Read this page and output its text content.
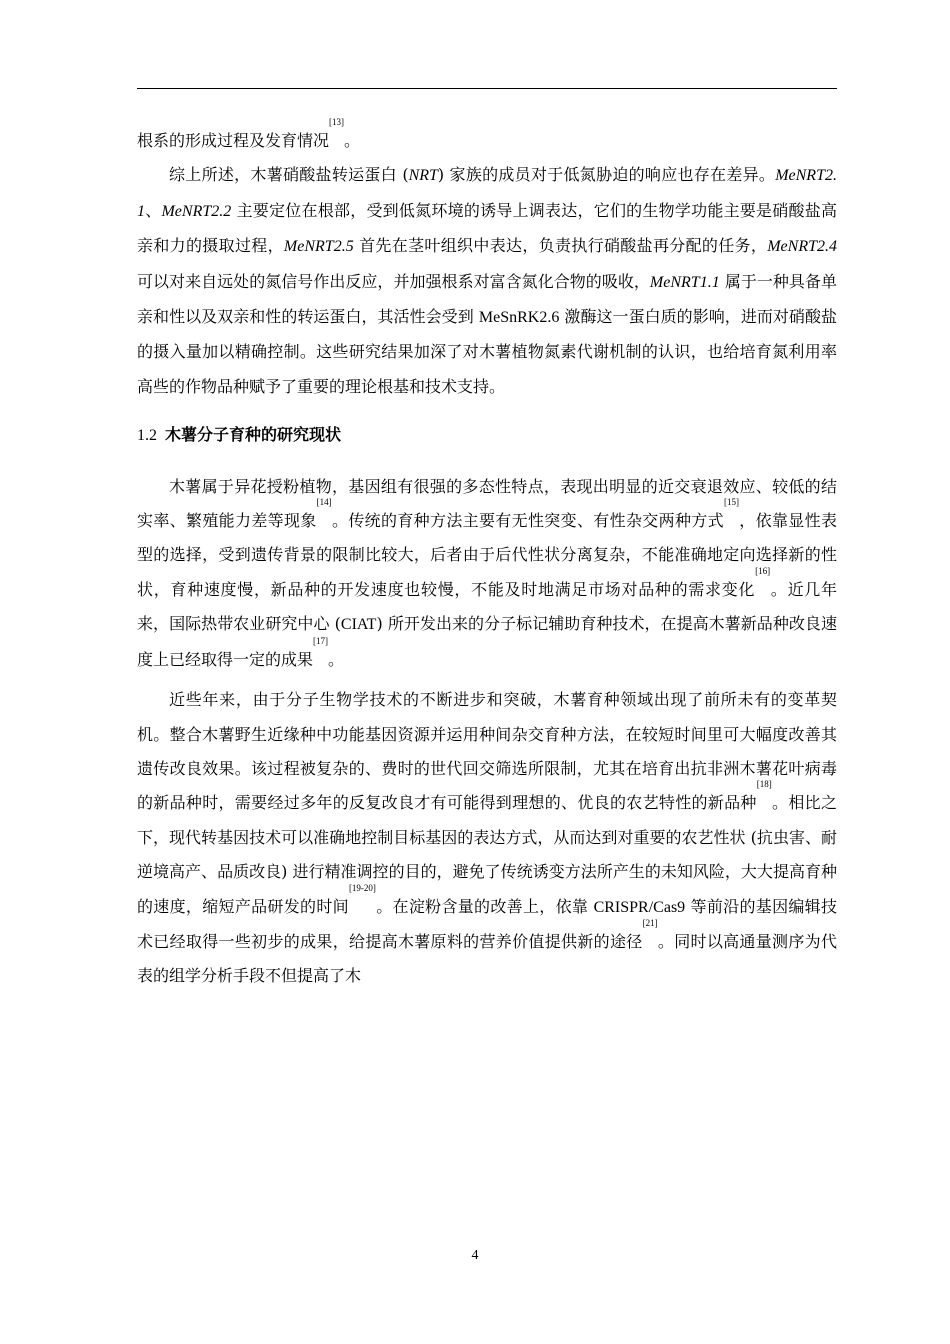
根系的形成过程及发育情况[13]。

综上所述，木薯硝酸盐转运蛋白 (NRT) 家族的成员对于低氮胁迫的响应也存在差异。MeNRT2.1、MeNRT2.2 主要定位在根部，受到低氮环境的诱导上调表达，它们的生物学功能主要是硝酸盐高亲和力的摄取过程，MeNRT2.5 首先在茎叶组织中表达，负责执行硝酸盐再分配的任务，MeNRT2.4 可以对来自远处的氮信号作出反应，并加强根系对富含氮化合物的吸收，MeNRT1.1 属于一种具备单亲和性以及双亲和性的转运蛋白，其活性会受到 MeSnRK2.6 激酶这一蛋白质的影响，进而对硝酸盐的摄入量加以精确控制。这些研究结果加深了对木薯植物氮素代谢机制的认识，也给培育氮利用率高些的作物品种赋予了重要的理论根基和技术支持。

1.2 木薯分子育种的研究现状

木薯属于异花授粉植物，基因组有很强的多态性特点，表现出明显的近交衰退效应、较低的结实率、繁殖能力差等现象[14]。传统的育种方法主要有无性突变、有性杂交两种方式[15]，依靠显性表型的选择，受到遗传背景的限制比较大，后者由于后代性状分离复杂，不能准确地定向选择新的性状，育种速度慢，新品种的开发速度也较慢，不能及时地满足市场对品种的需求变化[16]。近几年来，国际热带农业研究中心 (CIAT) 所开发出来的分子标记辅助育种技术，在提高木薯新品种改良速度上已经取得一定的成果[17]。

近些年来，由于分子生物学技术的不断进步和突破，木薯育种领域出现了前所未有的变革契机。整合木薯野生近缘种中功能基因资源并运用种间杂交育种方法，在较短时间里可大幅度改善其遗传改良效果。该过程被复杂的、费时的世代回交筛选所限制，尤其在培育出抗非洲木薯花叶病毒的新品种时，需要经过多年的反复改良才有可能得到理想的、优良的农艺特性的新品种[18]。相比之下，现代转基因技术可以准确地控制目标基因的表达方式，从而达到对重要的农艺性状 (抗虫害、耐逆境高产、品质改良) 进行精准调控的目的，避免了传统诱变方法所产生的未知风险，大大提高育种的速度，缩短产品研发的时间[19-20]。在淀粉含量的改善上，依靠 CRISPR/Cas9 等前沿的基因编辑技术已经取得一些初步的成果，给提高木薯原料的营养价值提供新的途径[21]。同时以高通量测序为代表的组学分析手段不但提高了木

4
